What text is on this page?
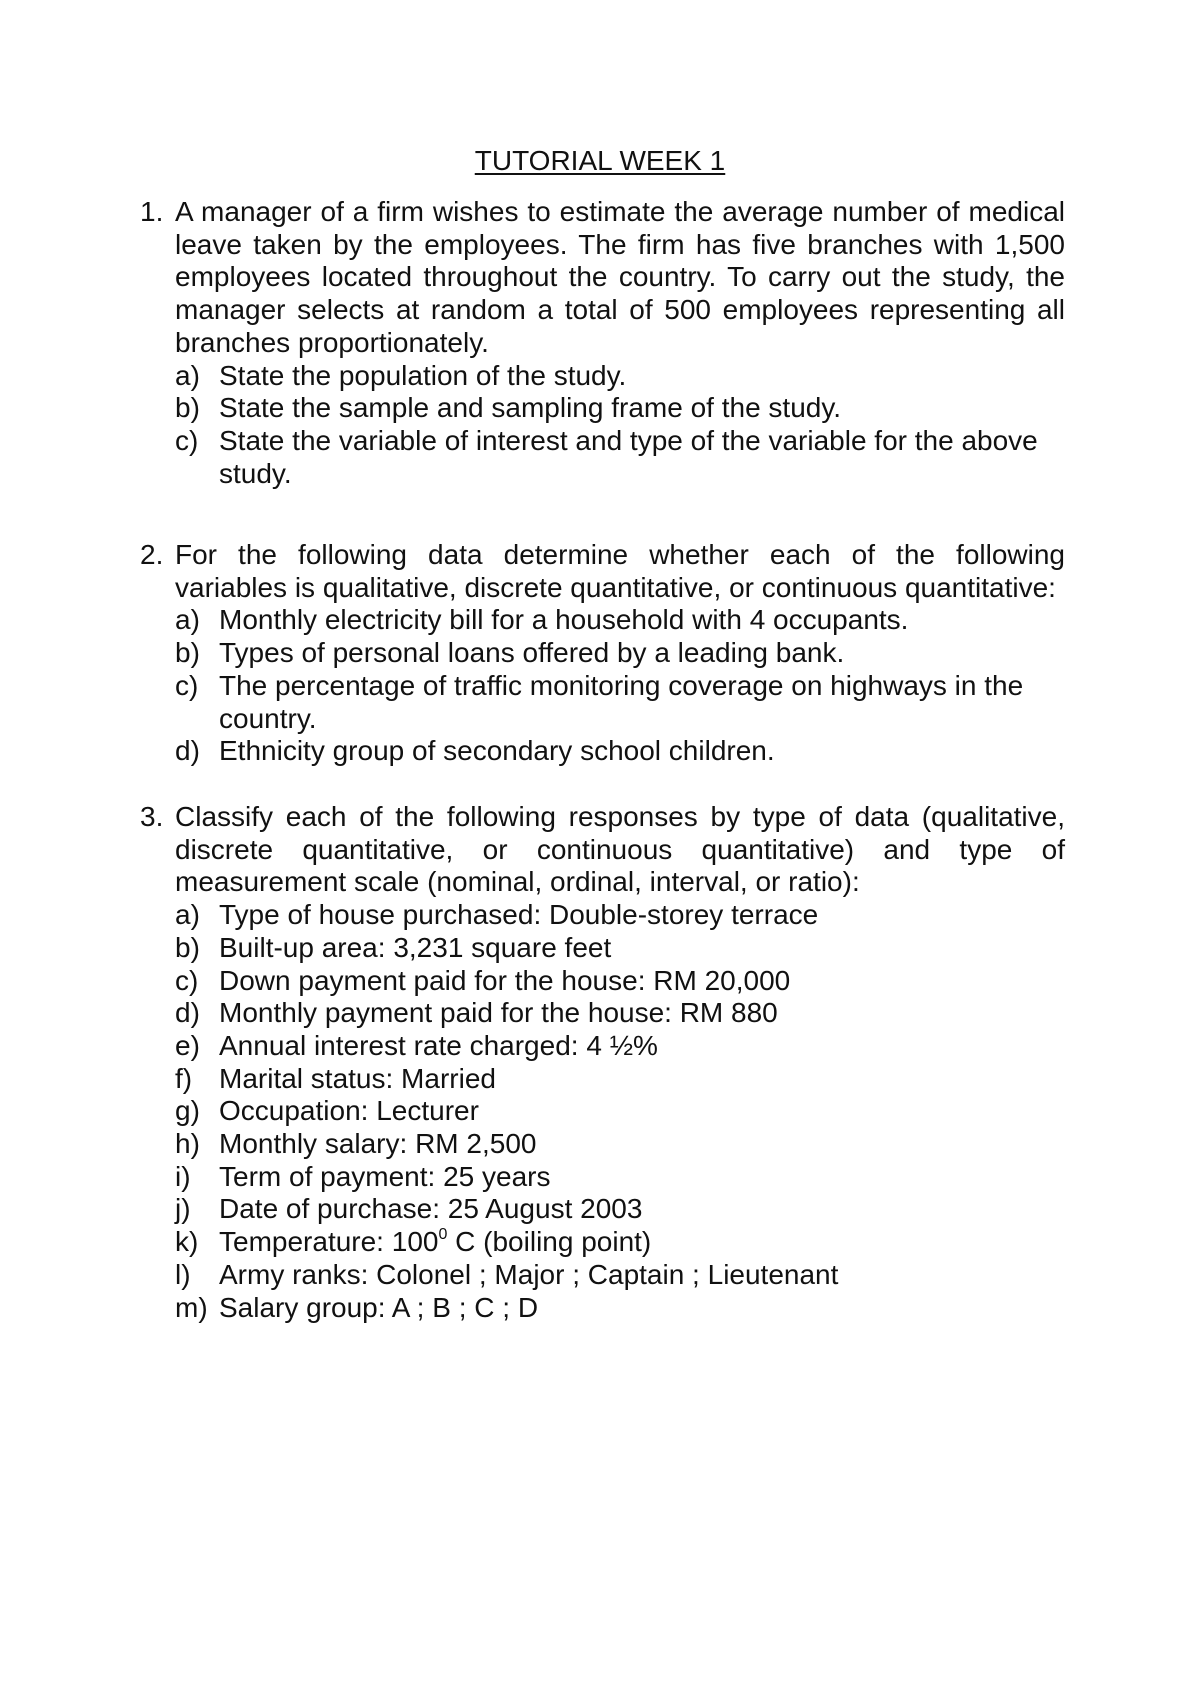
TUTORIAL WEEK 1
1. A manager of a firm wishes to estimate the average number of medical leave taken by the employees. The firm has five branches with 1,500 employees located throughout the country. To carry out the study, the manager selects at random a total of 500 employees representing all branches proportionately.
a) State the population of the study.
b) State the sample and sampling frame of the study.
c) State the variable of interest and type of the variable for the above study.
2. For the following data determine whether each of the following variables is qualitative, discrete quantitative, or continuous quantitative:
a) Monthly electricity bill for a household with 4 occupants.
b) Types of personal loans offered by a leading bank.
c) The percentage of traffic monitoring coverage on highways in the country.
d) Ethnicity group of secondary school children.
3. Classify each of the following responses by type of data (qualitative, discrete quantitative, or continuous quantitative) and type of measurement scale (nominal, ordinal, interval, or ratio):
a) Type of house purchased: Double-storey terrace
b) Built-up area: 3,231 square feet
c) Down payment paid for the house: RM 20,000
d) Monthly payment paid for the house: RM 880
e) Annual interest rate charged: 4 ½%
f) Marital status: Married
g) Occupation: Lecturer
h) Monthly salary: RM 2,500
i) Term of payment: 25 years
j) Date of purchase: 25 August 2003
k) Temperature: $100^0$ C (boiling point)
l) Army ranks: Colonel ; Major ; Captain ; Lieutenant
m) Salary group: A ; B ; C ; D
